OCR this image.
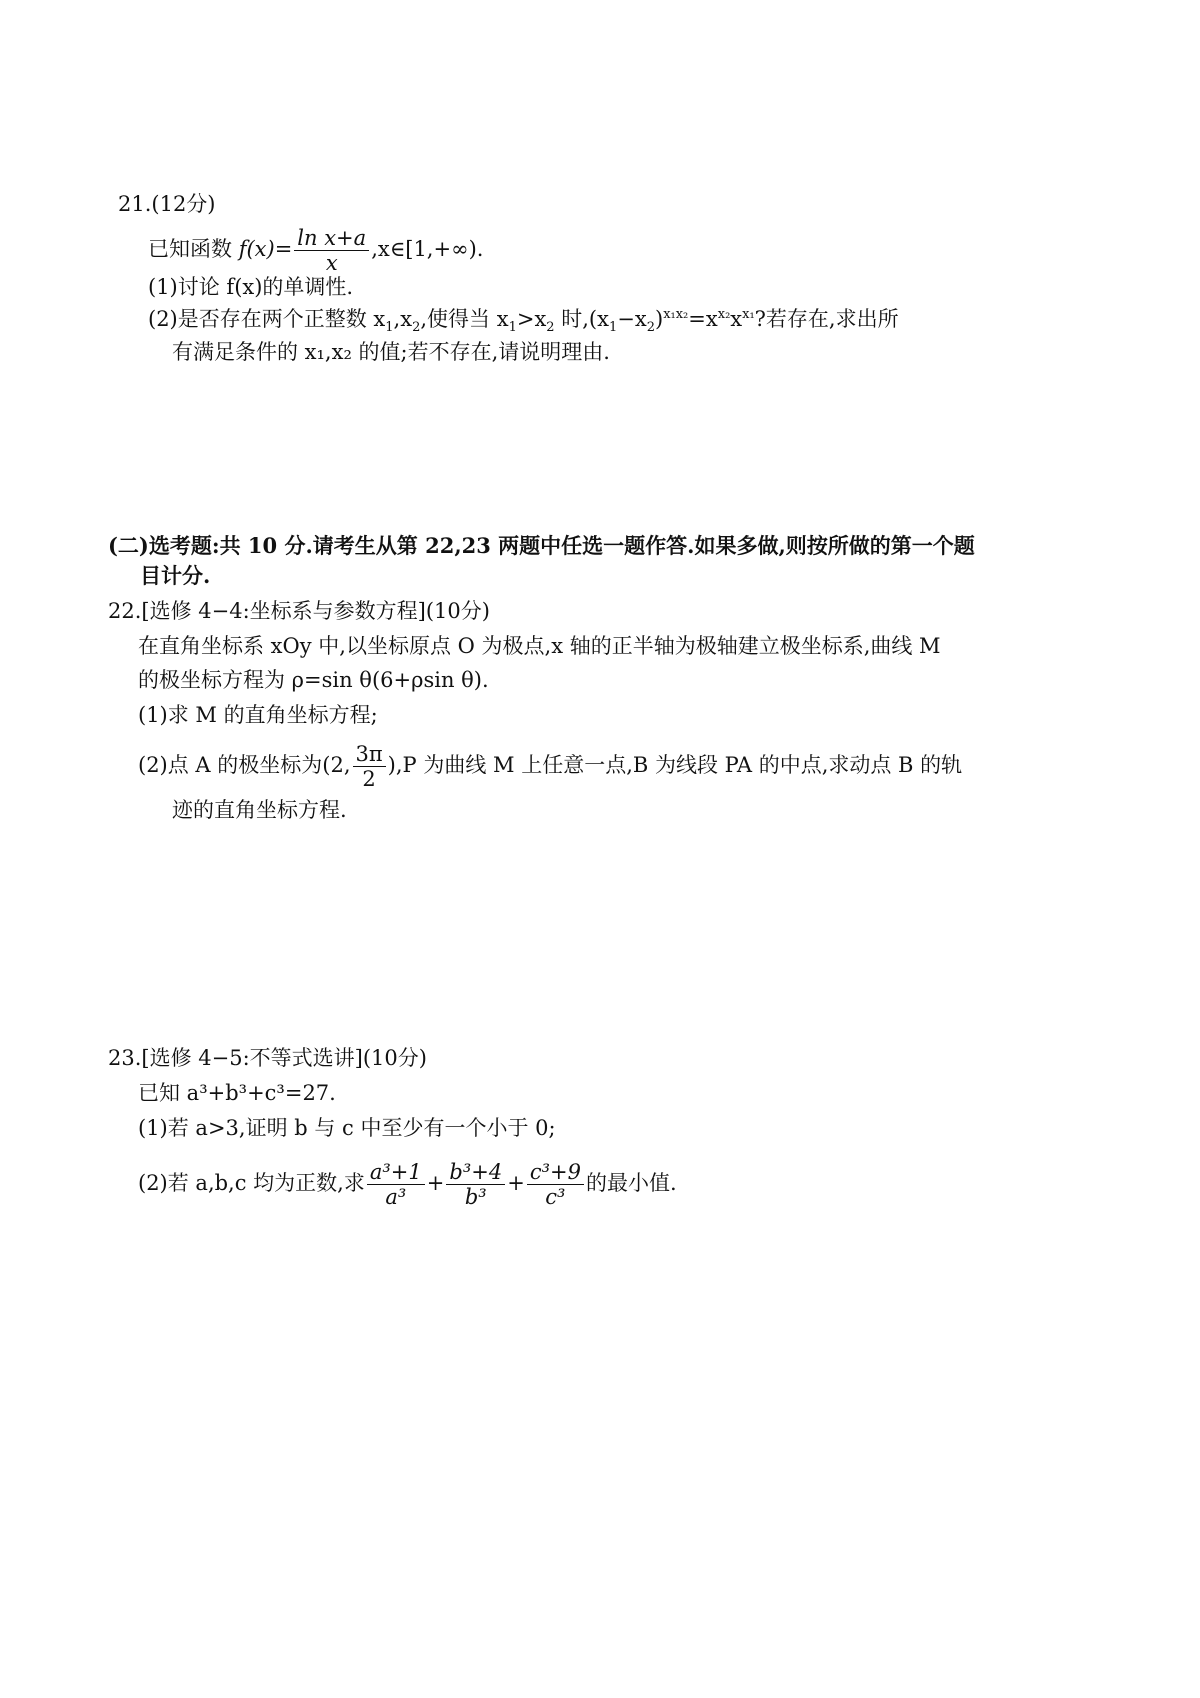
21.(12分)
已知函数 $f(x)= \frac{\text{ln x+a}}{x}$ ,x∈[1,+∞).
(1)讨论 f(x)的单调性.
(2)是否存在两个正整数 $x_1,x_2$,使得当 $x_1>x_2$ 时$,(x_1-x_2)^{x_1x_2}=x^{x_2}x^{x_1}$?若存在,求出所
有满足条件的 x₁,x₂ 的值;若不存在,请说明理由.
(二)选考题:共 10 分.请考生从第 22,23 两题中任选一题作答.如果多做,则按所做的第一个题
目计分.
22.[选修 4−4:坐标系与参数方程](10分)
在直角坐标系 xOy 中,以坐标原点 O 为极点,x 轴的正半轴为极轴建立极坐标系,曲线 M
的极坐标方程为 ρ=sin θ(6+ρsin θ).
(1)求 M 的直角坐标方程;
(2)点 A 的极坐标为(2, $\frac{3\pi}{2} ),P$ 为曲线 M 上任意一点,B 为线段 PA 的中点,求动点 B 的轨
迹的直角坐标方程.
23.[选修 4−5:不等式选讲](10分)
已知 a³+b³+c³=27.
(1)若 a>3,证明 b 与 c 中至少有一个小于 0;
(2)若 a,b,c 均为正数,求 $\frac{\text{a³+1}}{\text{a³}} + \frac{\text{b³+4}}{\text{b³}} + \frac{\text{c³+9}}{\text{c³}}$ 的最小值.
